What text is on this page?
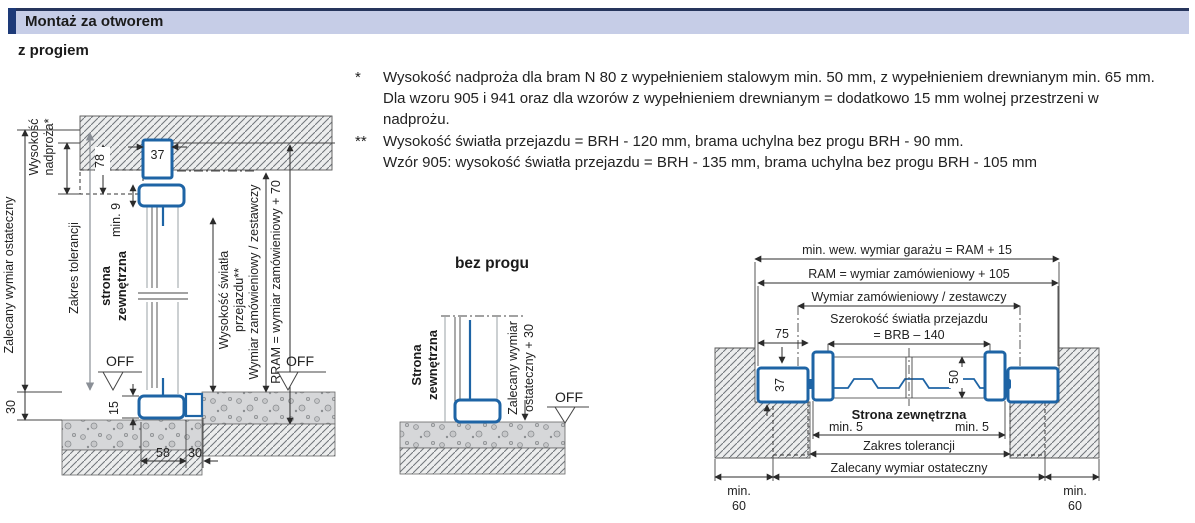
Montaż za otworem
z progiem
*	Wysokość nadproża dla bram N 80 z wypełnieniem stalowym min. 50 mm, z wypełnieniem drewnianym min. 65 mm. Dla wzoru 905 i 941 oraz dla wzorów z wypełnieniem drewnianym = dodatkowo 15 mm wolnej przestrzeni w nadprożu.
**	Wysokość światła przejazdu = BRH - 120 mm, brama uchylna bez progu BRH - 90 mm.
Wzór 905: wysokość światła przejazdu = BRH - 135 mm, brama uchylna bez progu BRH - 105 mm
37
Wysokość nadproża*	78
min. 9
Zalecany wymiar ostateczny
30
Zakres tolerancji strona zewnętrzna	Wysokość światła przejazdu** Wymiar zamówieniowy / zestawczy RRAM = wymiar zamówieniowy + 70
OFF	OFF
15
58 30
bez progu
Strona zewnętrzna	Zalecany wymiar ostateczny + 30 OFF
min. wew. wymiar garażu = RAM + 15
RAM = wymiar zamówieniowy + 105
Wymiar zamówieniowy / zestawczy
Szerokość światła przejazdu
= BRB – 140
75
37
50
Strona zewnętrzna
min. 5	min. 5
Zakres tolerancji
Zalecany wymiar ostateczny
min.
60
min.
60
